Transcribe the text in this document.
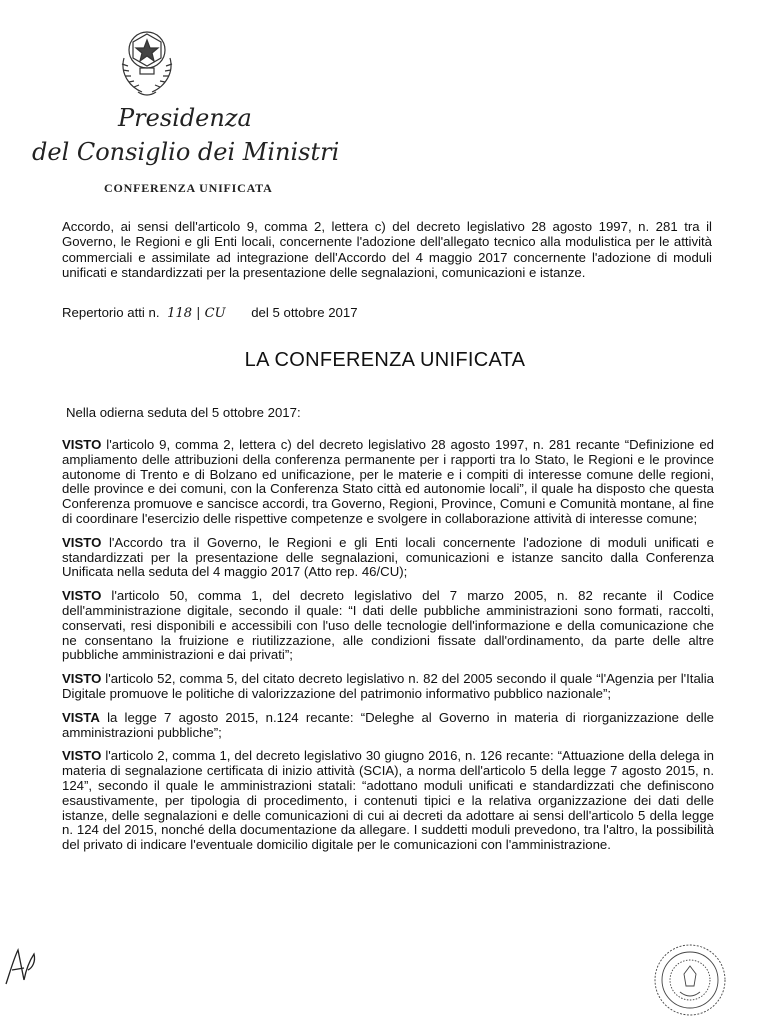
Presidenza
del Consiglio dei Ministri
CONFERENZA UNIFICATA
Accordo, ai sensi dell'articolo 9, comma 2, lettera c) del decreto legislativo 28 agosto 1997, n. 281 tra il Governo, le Regioni e gli Enti locali, concernente l'adozione dell'allegato tecnico alla modulistica per le attività commerciali e assimilate ad integrazione dell'Accordo del 4 maggio 2017 concernente l'adozione di moduli unificati e standardizzati per la presentazione delle segnalazioni, comunicazioni e istanze.
Repertorio atti n. 118 | CU del 5 ottobre 2017
LA CONFERENZA UNIFICATA
Nella odierna seduta del 5 ottobre 2017:

VISTO l'articolo 9, comma 2, lettera c) del decreto legislativo 28 agosto 1997, n. 281 recante “Definizione ed ampliamento delle attribuzioni della conferenza permanente per i rapporti tra lo Stato, le Regioni e le province autonome di Trento e di Bolzano ed unificazione, per le materie e i compiti di interesse comune delle regioni, delle province e dei comuni, con la Conferenza Stato città ed autonomie locali”, il quale ha disposto che questa Conferenza promuove e sancisce accordi, tra Governo, Regioni, Province, Comuni e Comunità montane, al fine di coordinare l'esercizio delle rispettive competenze e svolgere in collaborazione attività di interesse comune;

VISTO l'Accordo tra il Governo, le Regioni e gli Enti locali concernente l'adozione di moduli unificati e standardizzati per la presentazione delle segnalazioni, comunicazioni e istanze sancito dalla Conferenza Unificata nella seduta del 4 maggio 2017 (Atto rep. 46/CU);

VISTO l'articolo 50, comma 1, del decreto legislativo del 7 marzo 2005, n. 82 recante il Codice dell'amministrazione digitale, secondo il quale: “I dati delle pubbliche amministrazioni sono formati, raccolti, conservati, resi disponibili e accessibili con l'uso delle tecnologie dell'informazione e della comunicazione che ne consentano la fruizione e riutilizzazione, alle condizioni fissate dall'ordinamento, da parte delle altre pubbliche amministrazioni e dai privati”;

VISTO l'articolo 52, comma 5, del citato decreto legislativo n. 82 del 2005 secondo il quale “l'Agenzia per l'Italia Digitale promuove le politiche di valorizzazione del patrimonio informativo pubblico nazionale”;

VISTA la legge 7 agosto 2015, n.124 recante: “Deleghe al Governo in materia di riorganizzazione delle amministrazioni pubbliche”;

VISTO l'articolo 2, comma 1, del decreto legislativo 30 giugno 2016, n. 126 recante: “Attuazione della delega in materia di segnalazione certificata di inizio attività (SCIA), a norma dell'articolo 5 della legge 7 agosto 2015, n. 124”, secondo il quale le amministrazioni statali: “adottano moduli unificati e standardizzati che definiscono esaustivamente, per tipologia di procedimento, i contenuti tipici e la relativa organizzazione dei dati delle istanze, delle segnalazioni e delle comunicazioni di cui ai decreti da adottare ai sensi dell'articolo 5 della legge n. 124 del 2015, nonché della documentazione da allegare. I suddetti moduli prevedono, tra l'altro, la possibilità del privato di indicare l'eventuale domicilio digitale per le comunicazioni con l'amministrazione.
